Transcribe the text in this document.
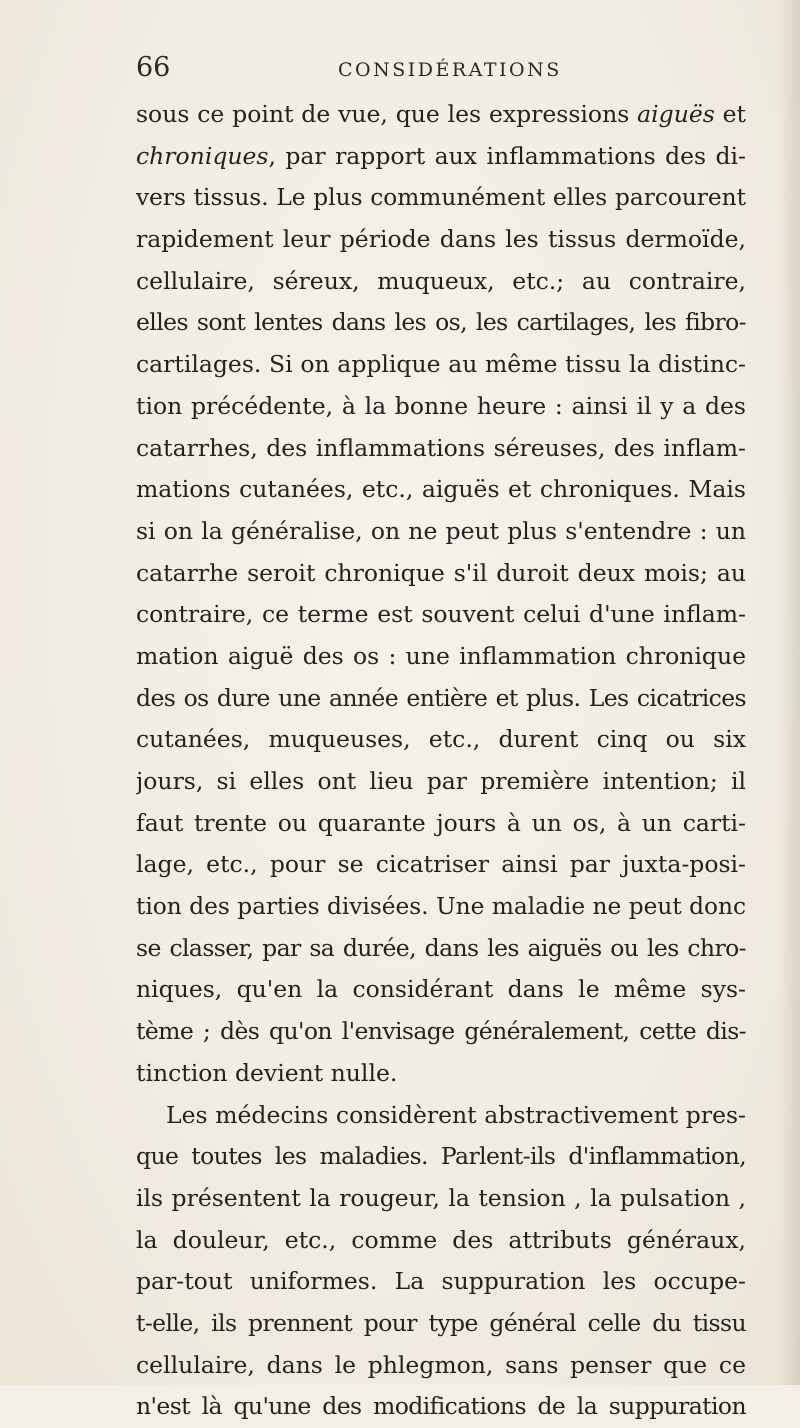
66	CONSIDÉRATIONS
sous ce point de vue, que les expressions aiguës et
chroniques, par rapport aux inflammations des di-
vers tissus. Le plus communément elles parcourent
rapidement leur période dans les tissus dermoïde,
cellulaire, séreux, muqueux, etc.; au contraire,
elles sont lentes dans les os, les cartilages, les fibro-
cartilages. Si on applique au même tissu la distinc-
tion précédente, à la bonne heure : ainsi il y a des
catarrhes, des inflammations séreuses, des inflam-
mations cutanées, etc., aiguës et chroniques. Mais
si on la généralise, on ne peut plus s'entendre : un
catarrhe seroit chronique s'il duroit deux mois; au
contraire, ce terme est souvent celui d'une inflam-
mation aiguë des os : une inflammation chronique
des os dure une année entière et plus. Les cicatrices
cutanées, muqueuses, etc., durent cinq ou six
jours, si elles ont lieu par première intention; il
faut trente ou quarante jours à un os, à un carti-
lage, etc., pour se cicatriser ainsi par juxta-posi-
tion des parties divisées. Une maladie ne peut donc
se classer, par sa durée, dans les aiguës ou les chro-
niques, qu'en la considérant dans le même sys-
tème ; dès qu'on l'envisage généralement, cette dis-
tinction devient nulle.
Les médecins considèrent abstractivement pres-
que toutes les maladies. Parlent-ils d'inflammation,
ils présentent la rougeur, la tension , la pulsation ,
la douleur, etc., comme des attributs généraux,
par-tout uniformes. La suppuration les occupe-
t-elle, ils prennent pour type général celle du tissu
cellulaire, dans le phlegmon, sans penser que ce
n'est là qu'une des modifications de la suppuration
